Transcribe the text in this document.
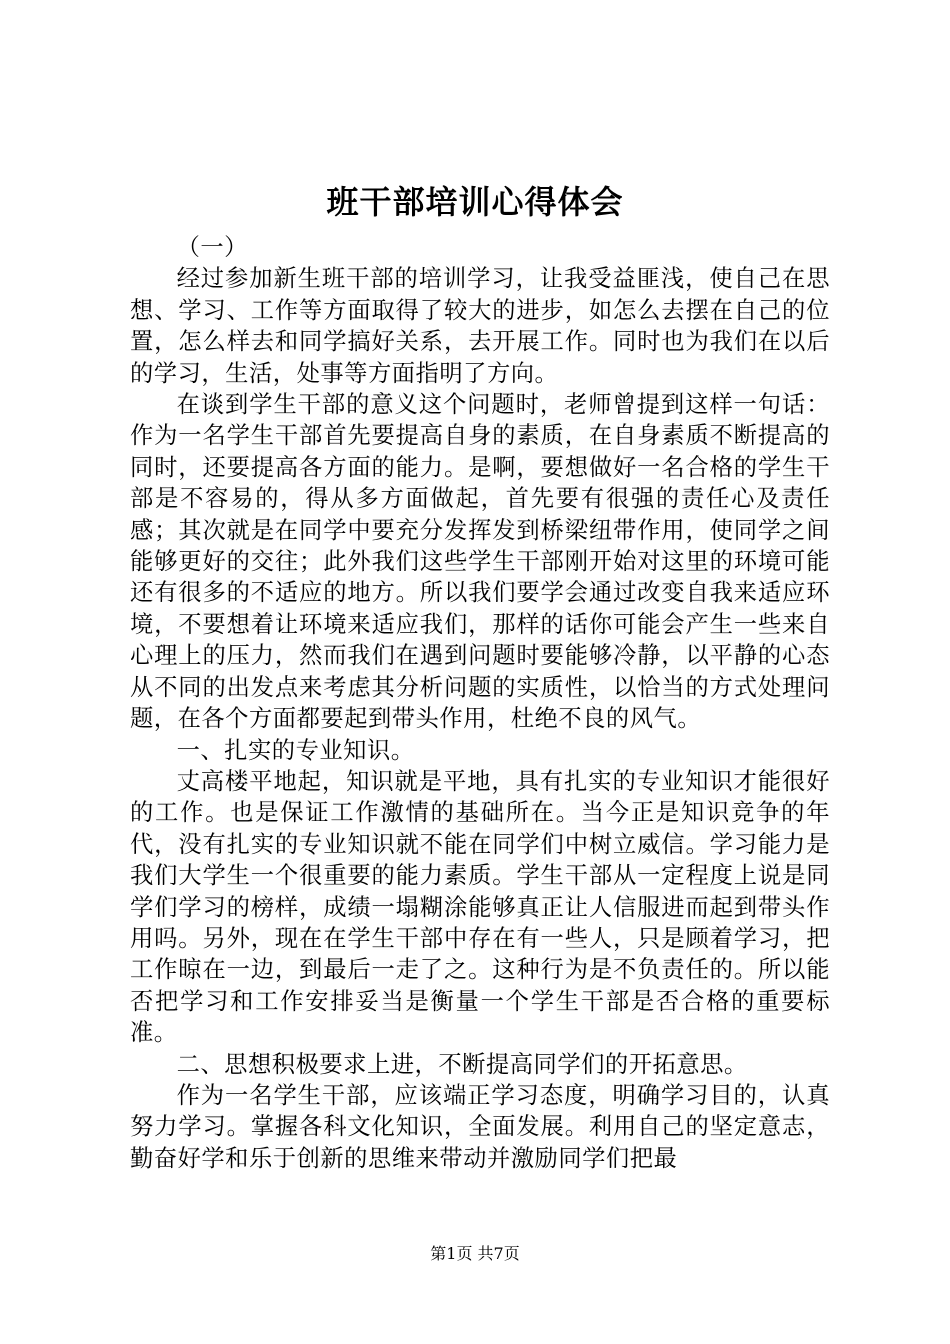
班干部培训心得体会

（一）

经过参加新生班干部的培训学习，让我受益匪浅，使自己在思想、学习、工作等方面取得了较大的进步，如怎么去摆在自己的位置，怎么样去和同学搞好关系，去开展工作。同时也为我们在以后的学习，生活，处事等方面指明了方向。

在谈到学生干部的意义这个问题时，老师曾提到这样一句话：作为一名学生干部首先要提高自身的素质，在自身素质不断提高的同时，还要提高各方面的能力。是啊，要想做好一名合格的学生干部是不容易的，得从多方面做起，首先要有很强的责任心及责任感；其次就是在同学中要充分发挥发到桥梁纽带作用，使同学之间能够更好的交往；此外我们这些学生干部刚开始对这里的环境可能还有很多的不适应的地方。所以我们要学会通过改变自我来适应环境，不要想着让环境来适应我们，那样的话你可能会产生一些来自心理上的压力，然而我们在遇到问题时要能够冷静，以平静的心态从不同的出发点来考虑其分析问题的实质性，以恰当的方式处理问题，在各个方面都要起到带头作用，杜绝不良的风气。

一、扎实的专业知识。

丈高楼平地起，知识就是平地，具有扎实的专业知识才能很好的工作。也是保证工作激情的基础所在。当今正是知识竞争的年代，没有扎实的专业知识就不能在同学们中树立威信。学习能力是我们大学生一个很重要的能力素质。学生干部从一定程度上说是同学们学习的榜样，成绩一塌糊涂能够真正让人信服进而起到带头作用吗。另外，现在在学生干部中存在有一些人，只是顾着学习，把工作晾在一边，到最后一走了之。这种行为是不负责任的。所以能否把学习和工作安排妥当是衡量一个学生干部是否合格的重要标准。

二、思想积极要求上进，不断提高同学们的开拓意思。

作为一名学生干部，应该端正学习态度，明确学习目的，认真努力学习。掌握各科文化知识，全面发展。利用自己的坚定意志，勤奋好学和乐于创新的思维来带动并激励同学们把最

第1页 共7页
